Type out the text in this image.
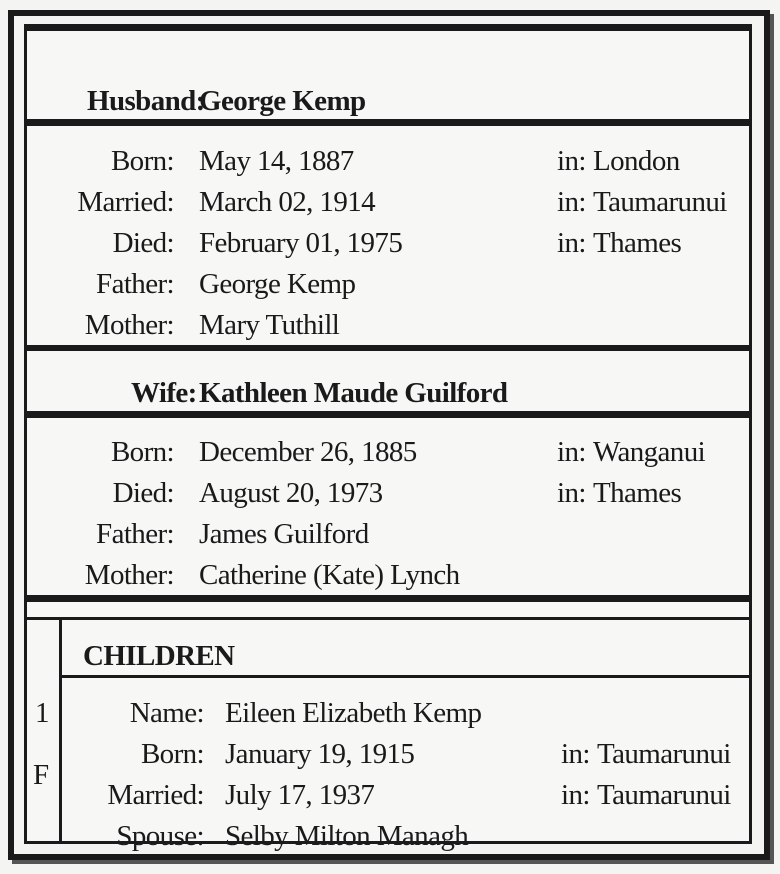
Husband:
George Kemp
Born: May 14, 1887	in: London
Married: March 02, 1914	in: Taumarunui
Died: February 01, 1975	in: Thames
Father: George Kemp
Mother: Mary Tuthill
Wife: Kathleen Maude Guilford
Born: December 26, 1885	in: Wanganui
Died: August 20, 1973	in: Thames
Father: James Guilford
Mother: Catherine (Kate) Lynch
CHILDREN
1
F
Name: Eileen Elizabeth Kemp
Born: January 19, 1915	in: Taumarunui
Married: July 17, 1937	in: Taumarunui
Spouse: Selby Milton Managh
